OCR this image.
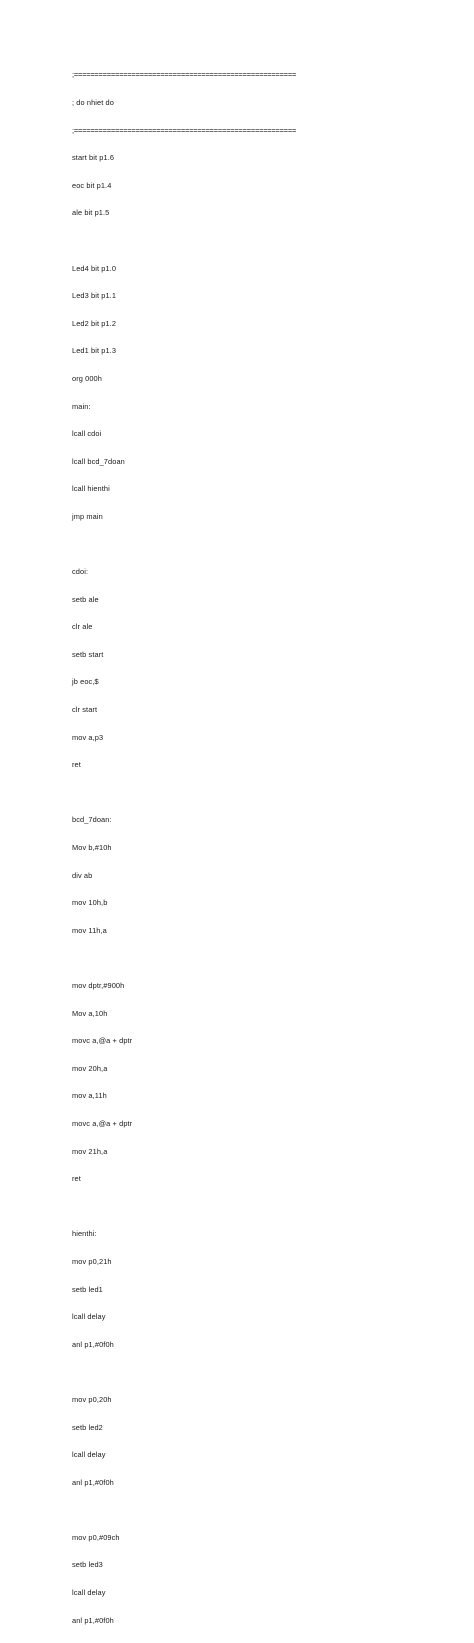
;======================================================

; do nhiet do

;======================================================

start bit p1.6

eoc bit p1.4

ale bit p1.5

Led4 bit p1.0

Led3 bit p1.1

Led2 bit p1.2

Led1 bit p1.3

org 000h

main:

lcall cdoi

lcall bcd_7doan

lcall hienthi

jmp main

cdoi:

setb ale

clr ale

setb start

jb eoc,$

clr start

mov a,p3

ret

bcd_7doan:

Mov b,#10h

div ab

mov 10h,b

mov 11h,a

mov dptr,#900h

Mov a,10h

movc a,@a + dptr

mov 20h,a

mov a,11h

movc a,@a + dptr

mov 21h,a

ret

hienthi:

mov p0,21h

setb led1

lcall delay

anl p1,#0f0h

mov p0,20h

setb led2

lcall delay

anl p1,#0f0h

mov p0,#09ch

setb led3

lcall delay

anl p1,#0f0h
